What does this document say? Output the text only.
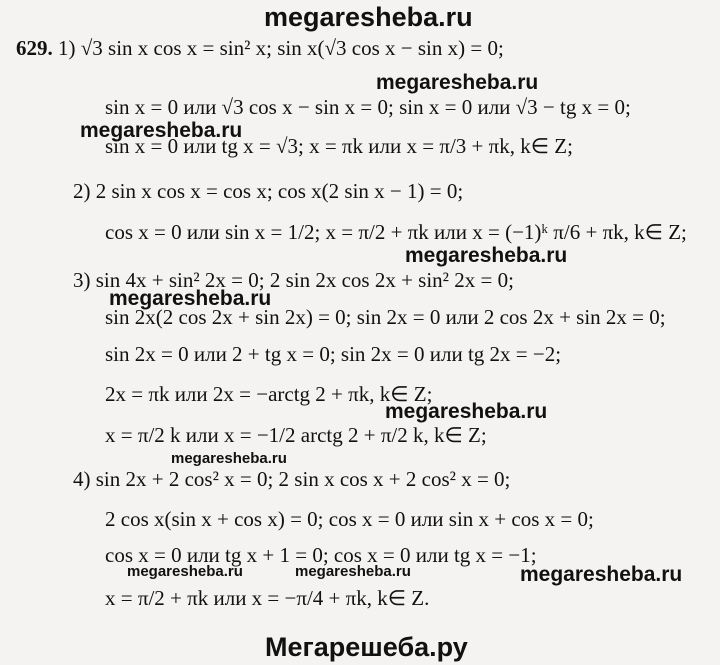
megaresheba.ru
629. 1) √3 sin x cos x = sin² x; sin x(√3 cos x − sin x) = 0;
megaresheba.ru
sin x = 0 или √3 cos x − sin x = 0; sin x = 0 или √3 − tg x = 0;
megaresheba.ru
sin x = 0 или tg x = √3; x = πk или x = π/3 + πk, k∈ Z;
2) 2 sin x cos x = cos x; cos x(2 sin x − 1) = 0;
cos x = 0 или sin x = 1/2; x = π/2 + πk или x = (−1)ᵏ π/6 + πk, k∈ Z;
megaresheba.ru
3) sin 4x + sin² 2x = 0; 2 sin 2x cos 2x + sin² 2x = 0;
megaresheba.ru
sin 2x(2 cos 2x + sin 2x) = 0; sin 2x = 0 или 2 cos 2x + sin 2x = 0;
sin 2x = 0 или 2 + tg x = 0; sin 2x = 0 или tg 2x = −2;
2x = πk или 2x = −arctg 2 + πk, k∈ Z;
megaresheba.ru
x = π/2 k или x = −1/2 arctg 2 + π/2 k, k∈ Z;
megaresheba.ru
4) sin 2x + 2 cos² x = 0; 2 sin x cos x + 2 cos² x = 0;
2 cos x(sin x + cos x) = 0; cos x = 0 или sin x + cos x = 0;
cos x = 0 или tg x + 1 = 0; cos x = 0 или tg x = −1;
megaresheba.ru	megaresheba.ru	megaresheba.ru
x = π/2 + πk или x = −π/4 + πk, k∈ Z.
Мегарешеба.ру
